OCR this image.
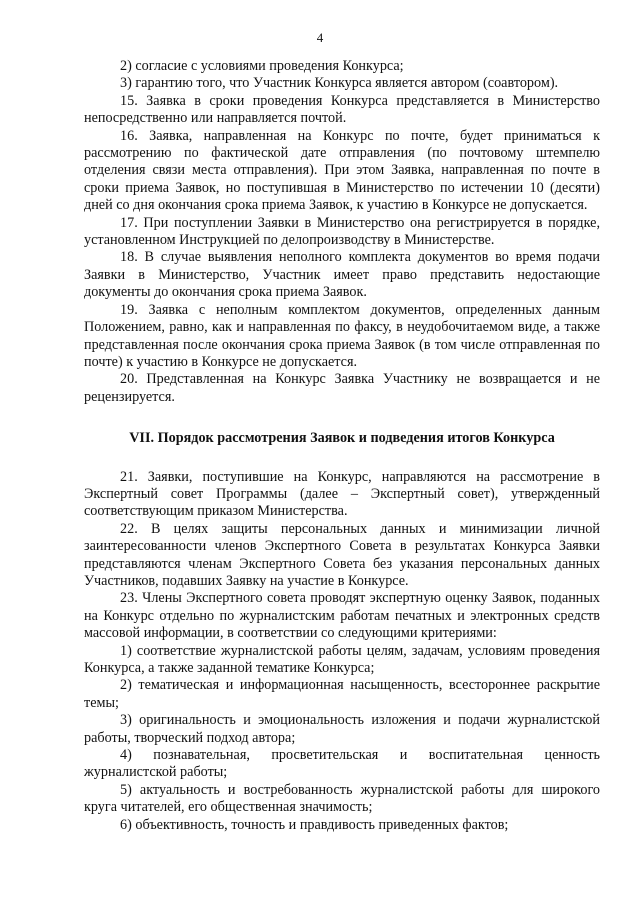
4

2) согласие с условиями проведения Конкурса;

3) гарантию того, что Участник Конкурса является автором (соавтором).

15. Заявка в сроки проведения Конкурса представляется в Министерство непосредственно или направляется почтой.

16. Заявка, направленная на Конкурс по почте, будет приниматься к рассмотрению по фактической дате отправления (по почтовому штемпелю отделения связи места отправления). При этом Заявка, направленная по почте в сроки приема Заявок, но поступившая в Министерство по истечении 10 (десяти) дней со дня окончания срока приема Заявок, к участию в Конкурсе не допускается.

17. При поступлении Заявки в Министерство она регистрируется в порядке, установленном Инструкцией по делопроизводству в Министерстве.

18. В случае выявления неполного комплекта документов во время подачи Заявки в Министерство, Участник имеет право представить недостающие документы до окончания срока приема Заявок.

19. Заявка с неполным комплектом документов, определенных данным Положением, равно, как и направленная по факсу, в неудобочитаемом виде, а также представленная после окончания срока приема Заявок (в том числе отправленная по почте) к участию в Конкурсе не допускается.

20. Представленная на Конкурс Заявка Участнику не возвращается и не рецензируется.

VII. Порядок рассмотрения Заявок и подведения итогов Конкурса

21. Заявки, поступившие на Конкурс, направляются на рассмотрение в Экспертный совет Программы (далее – Экспертный совет), утвержденный соответствующим приказом Министерства.

22. В целях защиты персональных данных и минимизации личной заинтересованности членов Экспертного Совета в результатах Конкурса Заявки представляются членам Экспертного Совета без указания персональных данных Участников, подавших Заявку на участие в Конкурсе.

23. Члены Экспертного совета проводят экспертную оценку Заявок, поданных на Конкурс отдельно по журналистским работам печатных и электронных средств массовой информации, в соответствии со следующими критериями:

1) соответствие журналистской работы целям, задачам, условиям проведения Конкурса, а также заданной тематике Конкурса;

2) тематическая и информационная насыщенность, всестороннее раскрытие темы;

3) оригинальность и эмоциональность изложения и подачи журналистской работы, творческий подход автора;

4) познавательная, просветительская и воспитательная ценность журналистской работы;

5) актуальность и востребованность журналистской работы для широкого круга читателей, его общественная значимость;

6) объективность, точность и правдивость приведенных фактов;
